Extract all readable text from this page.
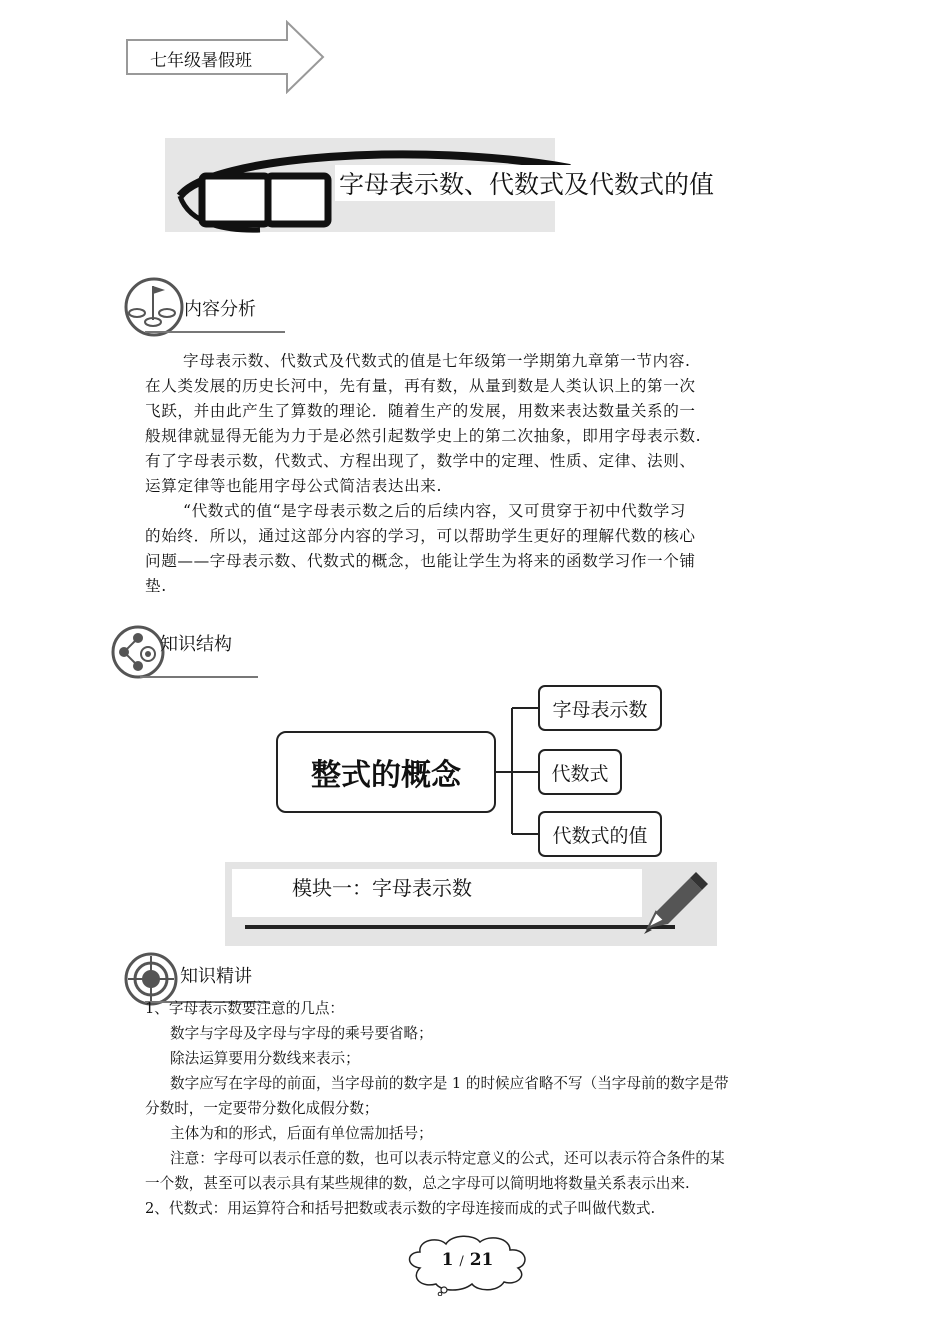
七年级暑假班
字母表示数、代数式及代数式的值
内容分析
字母表示数、代数式及代数式的值是七年级第一学期第九章第一节内容.
在人类发展的历史长河中，先有量，再有数，从量到数是人类认识上的第一次
飞跃，并由此产生了算数的理论．随着生产的发展，用数来表达数量关系的一
般规律就显得无能为力于是必然引起数学史上的第二次抽象，即用字母表示数.
有了字母表示数，代数式、方程出现了，数学中的定理、性质、定律、法则、
运算定律等也能用字母公式简洁表达出来.
“代数式的值“是字母表示数之后的后续内容，又可贯穿于初中代数学习
的始终．所以，通过这部分内容的学习，可以帮助学生更好的理解代数的核心
问题——字母表示数、代数式的概念，也能让学生为将来的函数学习作一个铺
垫.
知识结构
整式的概念
字母表示数
代数式
代数式的值
模块一：字母表示数
知识精讲
1、字母表示数要注意的几点：
数字与字母及字母与字母的乘号要省略；
除法运算要用分数线来表示；
数字应写在字母的前面，当字母前的数字是 1 的时候应省略不写（当字母前的数字是带
分数时，一定要带分数化成假分数；
主体为和的形式，后面有单位需加括号；
注意：字母可以表示任意的数，也可以表示特定意义的公式，还可以表示符合条件的某
一个数，甚至可以表示具有某些规律的数，总之字母可以简明地将数量关系表示出来.
2、代数式：用运算符合和括号把数或表示数的字母连接而成的式子叫做代数式.
1 / 21
